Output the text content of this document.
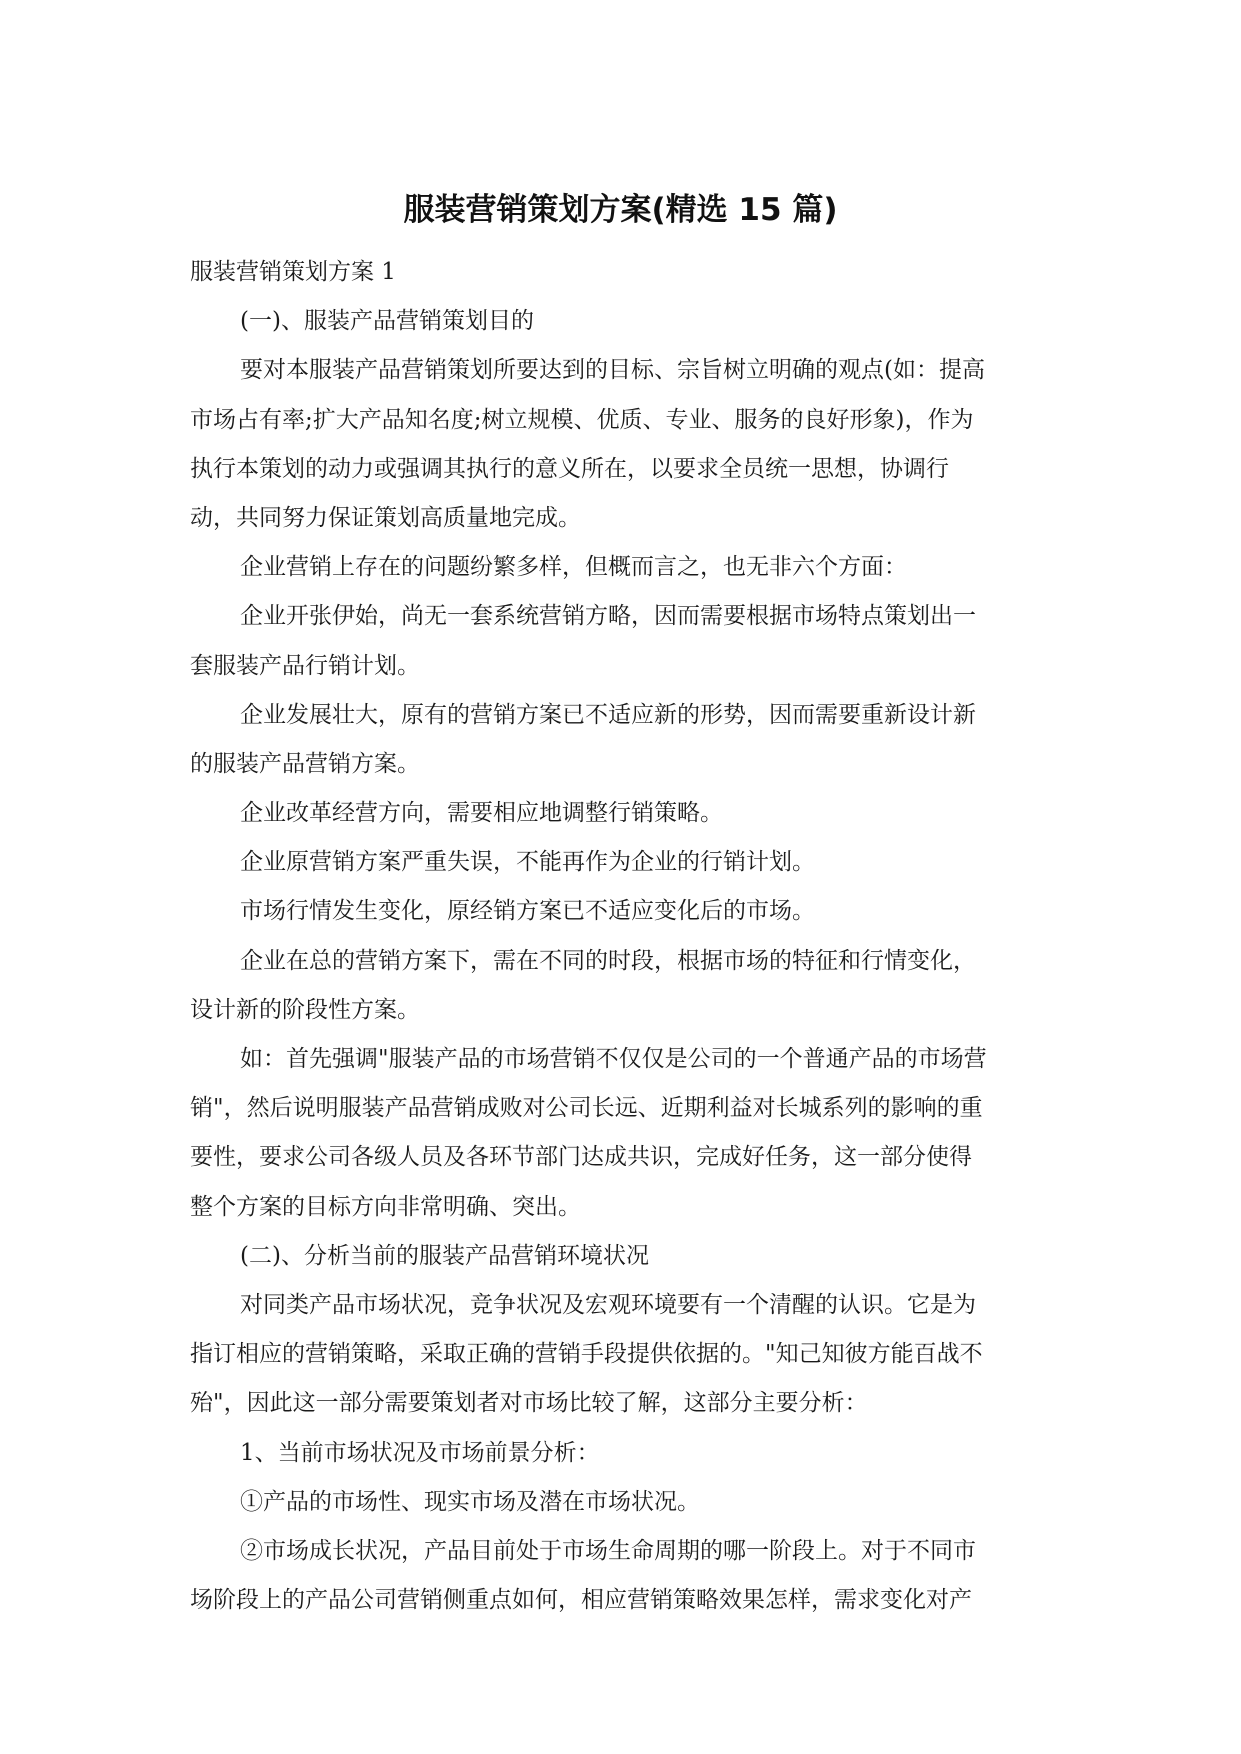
服装营销策划方案(精选 15 篇)

服装营销策划方案 1

(一)、服装产品营销策划目的

要对本服装产品营销策划所要达到的目标、宗旨树立明确的观点(如：提高

市场占有率;扩大产品知名度;树立规模、优质、专业、服务的良好形象)，作为

执行本策划的动力或强调其执行的意义所在，以要求全员统一思想，协调行

动，共同努力保证策划高质量地完成。

企业营销上存在的问题纷繁多样，但概而言之，也无非六个方面：

企业开张伊始，尚无一套系统营销方略，因而需要根据市场特点策划出一

套服装产品行销计划。

企业发展壮大，原有的营销方案已不适应新的形势，因而需要重新设计新

的服装产品营销方案。

企业改革经营方向，需要相应地调整行销策略。

企业原营销方案严重失误，不能再作为企业的行销计划。

市场行情发生变化，原经销方案已不适应变化后的市场。

企业在总的营销方案下，需在不同的时段，根据市场的特征和行情变化，

设计新的阶段性方案。

如：首先强调"服装产品的市场营销不仅仅是公司的一个普通产品的市场营

销"，然后说明服装产品营销成败对公司长远、近期利益对长城系列的影响的重

要性，要求公司各级人员及各环节部门达成共识，完成好任务，这一部分使得

整个方案的目标方向非常明确、突出。

(二)、分析当前的服装产品营销环境状况

对同类产品市场状况，竞争状况及宏观环境要有一个清醒的认识。它是为

指订相应的营销策略，采取正确的营销手段提供依据的。"知己知彼方能百战不

殆"，因此这一部分需要策划者对市场比较了解，这部分主要分析：

1、当前市场状况及市场前景分析：

①产品的市场性、现实市场及潜在市场状况。

②市场成长状况，产品目前处于市场生命周期的哪一阶段上。对于不同市

场阶段上的产品公司营销侧重点如何，相应营销策略效果怎样，需求变化对产
